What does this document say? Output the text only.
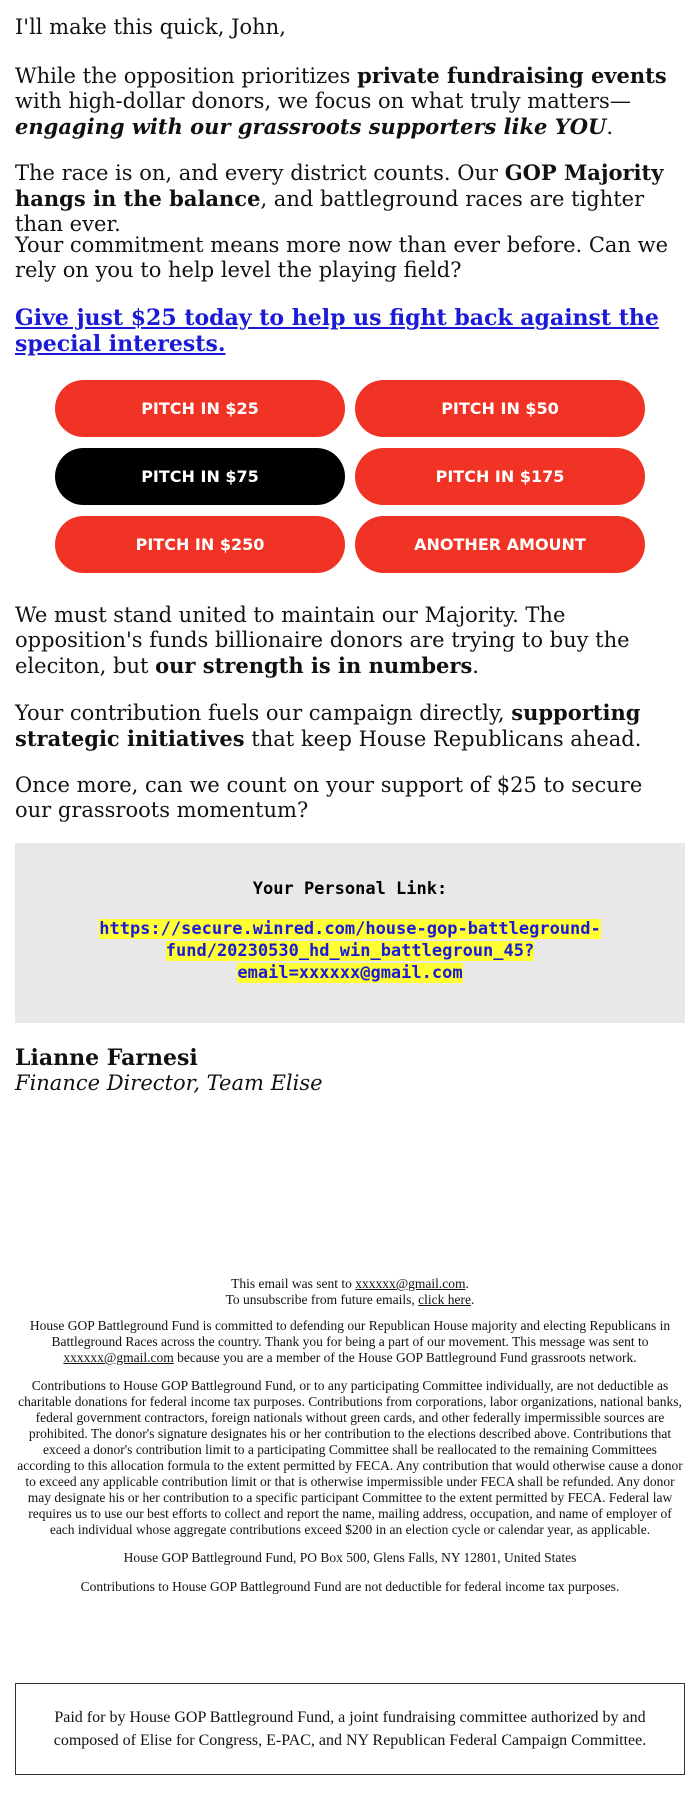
I'll make this quick, John,

While the opposition prioritizes private fundraising events with high-dollar donors, we focus on what truly matters—engaging with our grassroots supporters like YOU.

The race is on, and every district counts. Our GOP Majority hangs in the balance, and battleground races are tighter than ever.

Your commitment means more now than ever before. Can we rely on you to help level the playing field?

Give just $25 today to help us fight back against the special interests.
PITCH IN $25	PITCH IN $50
PITCH IN $75	PITCH IN $175
PITCH IN $250	ANOTHER AMOUNT

We must stand united to maintain our Majority. The opposition's funds billionaire donors are trying to buy the eleciton, but our strength is in numbers.

Your contribution fuels our campaign directly, supporting strategic initiatives that keep House Republicans ahead.

Once more, can we count on your support of $25 to secure our grassroots momentum?

Your Personal Link:
https://secure.winred.com/house-gop-battleground-
fund/20230530_hd_win_battlegroun_45?
email=xxxxxx@gmail.com
Lianne Farnesi
Finance Director, Team Elise

This email was sent to xxxxxx@gmail.com.

To unsubscribe from future emails, click here.

House GOP Battleground Fund is committed to defending our Republican House majority and electing Republicans in Battleground Races across the country. Thank you for being a part of our movement. This message was sent to xxxxxx@gmail.com because you are a member of the House GOP Battleground Fund grassroots network.

Contributions to House GOP Battleground Fund, or to any participating Committee individually, are not deductible as charitable donations for federal income tax purposes. Contributions from corporations, labor organizations, national banks, federal government contractors, foreign nationals without green cards, and other federally impermissible sources are prohibited. The donor's signature designates his or her contribution to the elections described above. Contributions that exceed a donor's contribution limit to a participating Committee shall be reallocated to the remaining Committees according to this allocation formula to the extent permitted by FECA. Any contribution that would otherwise cause a donor to exceed any applicable contribution limit or that is otherwise impermissible under FECA shall be refunded. Any donor may designate his or her contribution to a specific participant Committee to the extent permitted by FECA. Federal law requires us to use our best efforts to collect and report the name, mailing address, occupation, and name of employer of each individual whose aggregate contributions exceed $200 in an election cycle or calendar year, as applicable.

House GOP Battleground Fund, PO Box 500, Glens Falls, NY 12801, United States

Contributions to House GOP Battleground Fund are not deductible for federal income tax purposes.

Paid for by House GOP Battleground Fund, a joint fundraising committee authorized by and composed of Elise for Congress, E-PAC, and NY Republican Federal Campaign Committee.
